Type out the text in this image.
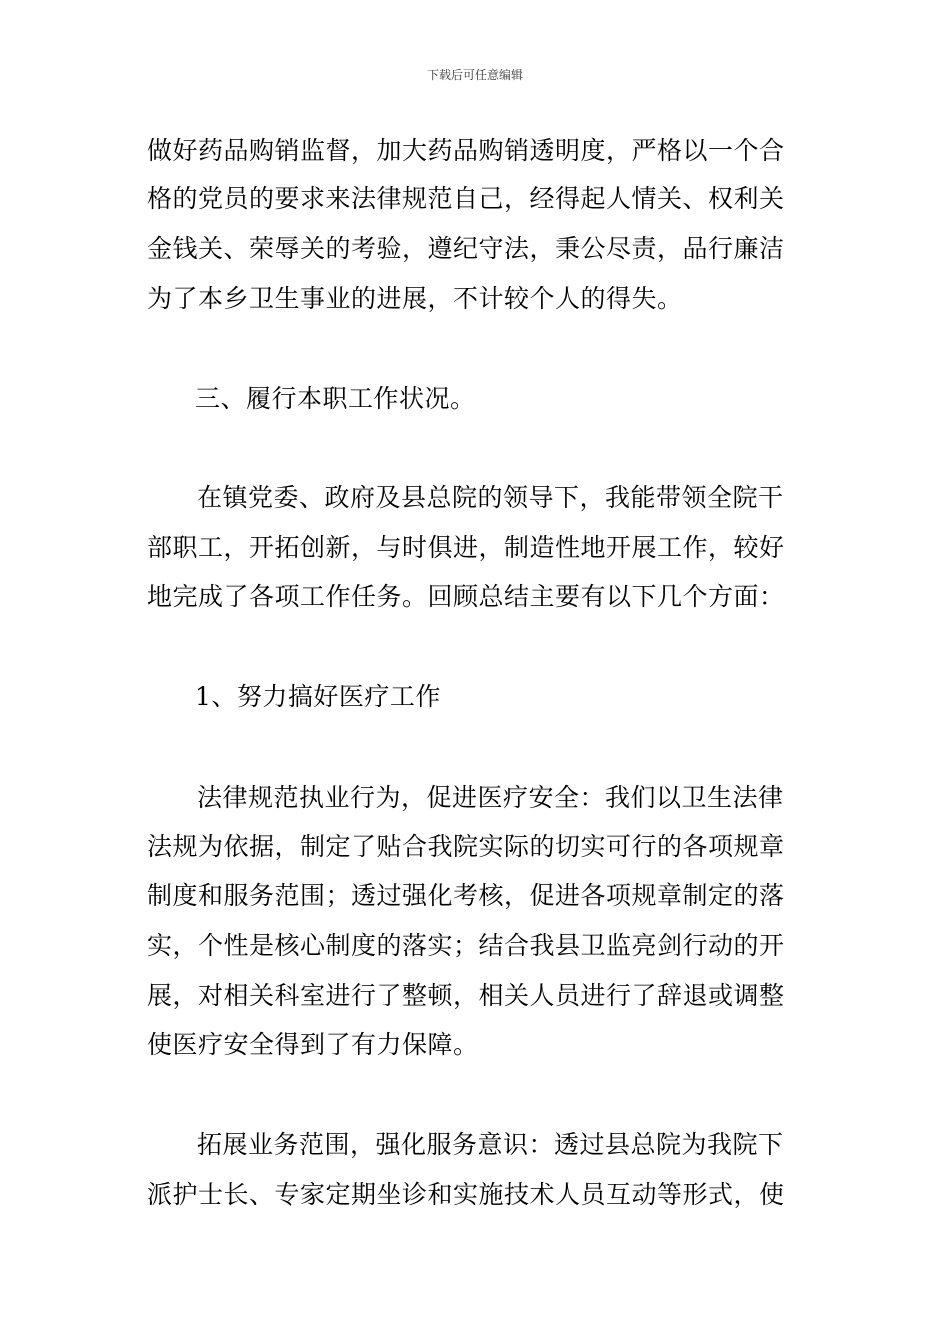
下载后可任意编辑
做好药品购销监督，加大药品购销透明度，严格以一个合
格的党员的要求来法律规范自己，经得起人情关、权利关
金钱关、荣辱关的考验，遵纪守法，秉公尽责，品行廉洁
为了本乡卫生事业的进展，不计较个人的得失。
三、履行本职工作状况。
在镇党委、政府及县总院的领导下，我能带领全院干
部职工，开拓创新，与时俱进，制造性地开展工作，较好
地完成了各项工作任务。回顾总结主要有以下几个方面：
1、努力搞好医疗工作
法律规范执业行为，促进医疗安全：我们以卫生法律
法规为依据，制定了贴合我院实际的切实可行的各项规章
制度和服务范围；透过强化考核，促进各项规章制定的落
实，个性是核心制度的落实；结合我县卫监亮剑行动的开
展，对相关科室进行了整顿，相关人员进行了辞退或调整
使医疗安全得到了有力保障。
拓展业务范围，强化服务意识：透过县总院为我院下
派护士长、专家定期坐诊和实施技术人员互动等形式，使
